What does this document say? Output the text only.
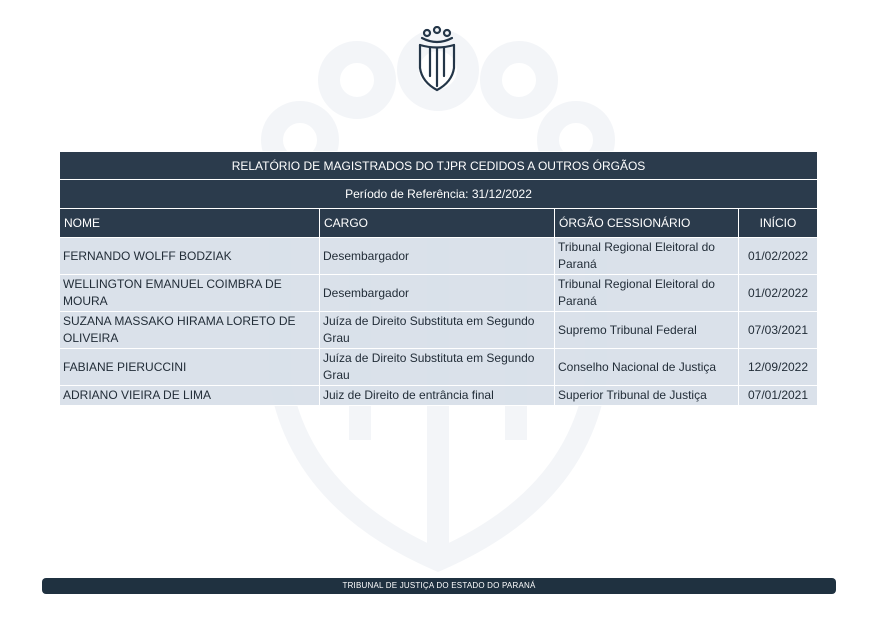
RELATÓRIO DE MAGISTRADOS DO TJPR CEDIDOS A OUTROS ÓRGÃOS			
Período de Referência: 31/12/2022			
NOME	CARGO	ÓRGÃO CESSIONÁRIO	INÍCIO
FERNANDO WOLFF BODZIAK	Desembargador	Tribunal Regional Eleitoral do Paraná	01/02/2022
WELLINGTON EMANUEL COIMBRA DE MOURA	Desembargador	Tribunal Regional Eleitoral do Paraná	01/02/2022
SUZANA MASSAKO HIRAMA LORETO DE OLIVEIRA	Juíza de Direito Substituta em Segundo Grau	Supremo Tribunal Federal	07/03/2021
FABIANE PIERUCCINI	Juíza de Direito Substituta em Segundo Grau	Conselho Nacional de Justiça	12/09/2022
ADRIANO VIEIRA DE LIMA	Juiz de Direito de entrância final	Superior Tribunal de Justiça	07/01/2021
TRIBUNAL DE JUSTIÇA DO ESTADO DO PARANÁ
